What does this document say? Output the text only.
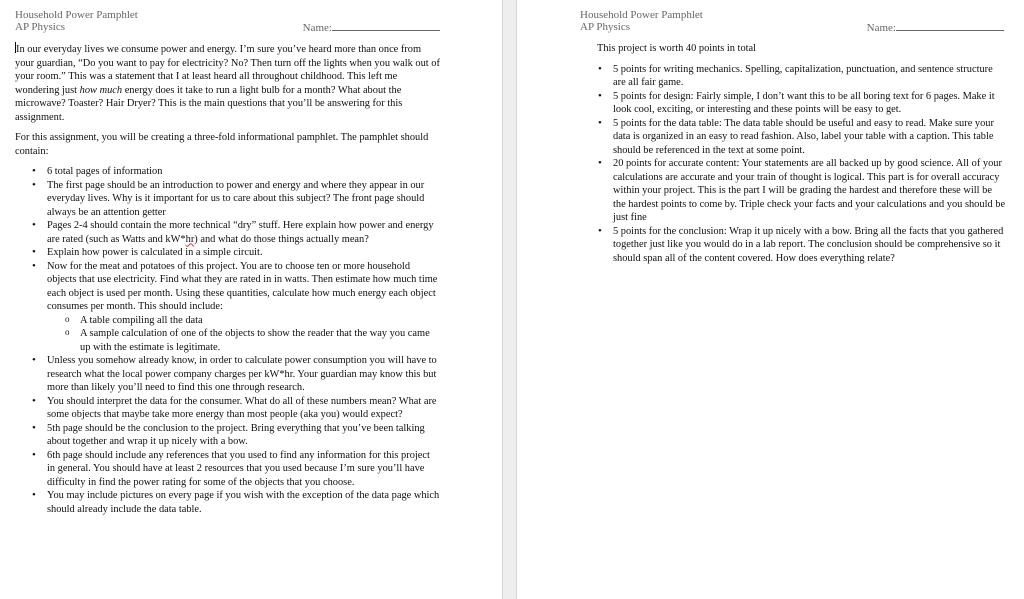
Household Power Pamphlet
AP Physics	Name:

In our everyday lives we consume power and energy. I’m sure you’ve heard more than once from your guardian, “Do you want to pay for electricity? No? Then turn off the lights when you walk out of your room.” This was a statement that I at least heard all throughout childhood. This left me wondering just how much energy does it take to run a light bulb for a month? What about the microwave? Toaster? Hair Dryer? This is the main questions that you’ll be answering for this assignment.

For this assignment, you will be creating a three-fold informational pamphlet. The pamphlet should contain:

• 6 total pages of information
• The first page should be an introduction to power and energy and where they appear in our everyday lives. Why is it important for us to care about this subject? The front page should always be an attention getter
• Pages 2-4 should contain the more technical “dry” stuff. Here explain how power and energy are rated (such as Watts and kW*hr) and what do those things actually mean?
• Explain how power is calculated in a simple circuit.
• Now for the meat and potatoes of this project. You are to choose ten or more household objects that use electricity. Find what they are rated in in watts. Then estimate how much time each object is used per month. Using these quantities, calculate how much energy each object consumes per month. This should include:
o A table compiling all the data
o A sample calculation of one of the objects to show the reader that the way you came up with the estimate is legitimate.
• Unless you somehow already know, in order to calculate power consumption you will have to research what the local power company charges per kW*hr. Your guardian may know this but more than likely you’ll need to find this one through research.
• You should interpret the data for the consumer. What do all of these numbers mean? What are some objects that maybe take more energy than most people (aka you) would expect?
• 5th page should be the conclusion to the project. Bring everything that you’ve been talking about together and wrap it up nicely with a bow.
• 6th page should include any references that you used to find any information for this project in general. You should have at least 2 resources that you used because I’m sure you’ll have difficulty in find the power rating for some of the objects that you choose.
• You may include pictures on every page if you wish with the exception of the data page which should already include the data table.
Household Power Pamphlet
AP Physics	Name:

This project is worth 40 points in total

• 5 points for writing mechanics. Spelling, capitalization, punctuation, and sentence structure are all fair game.
• 5 points for design: Fairly simple, I don’t want this to be all boring text for 6 pages. Make it look cool, exciting, or interesting and these points will be easy to get.
• 5 points for the data table: The data table should be useful and easy to read. Make sure your data is organized in an easy to read fashion. Also, label your table with a caption. This table should be referenced in the text at some point.
• 20 points for accurate content: Your statements are all backed up by good science. All of your calculations are accurate and your train of thought is logical. This part is for overall accuracy within your project. This is the part I will be grading the hardest and therefore these will be the hardest points to come by. Triple check your facts and your calculations and you should be just fine
• 5 points for the conclusion: Wrap it up nicely with a bow. Bring all the facts that you gathered together just like you would do in a lab report. The conclusion should be comprehensive so it should span all of the content covered. How does everything relate?
